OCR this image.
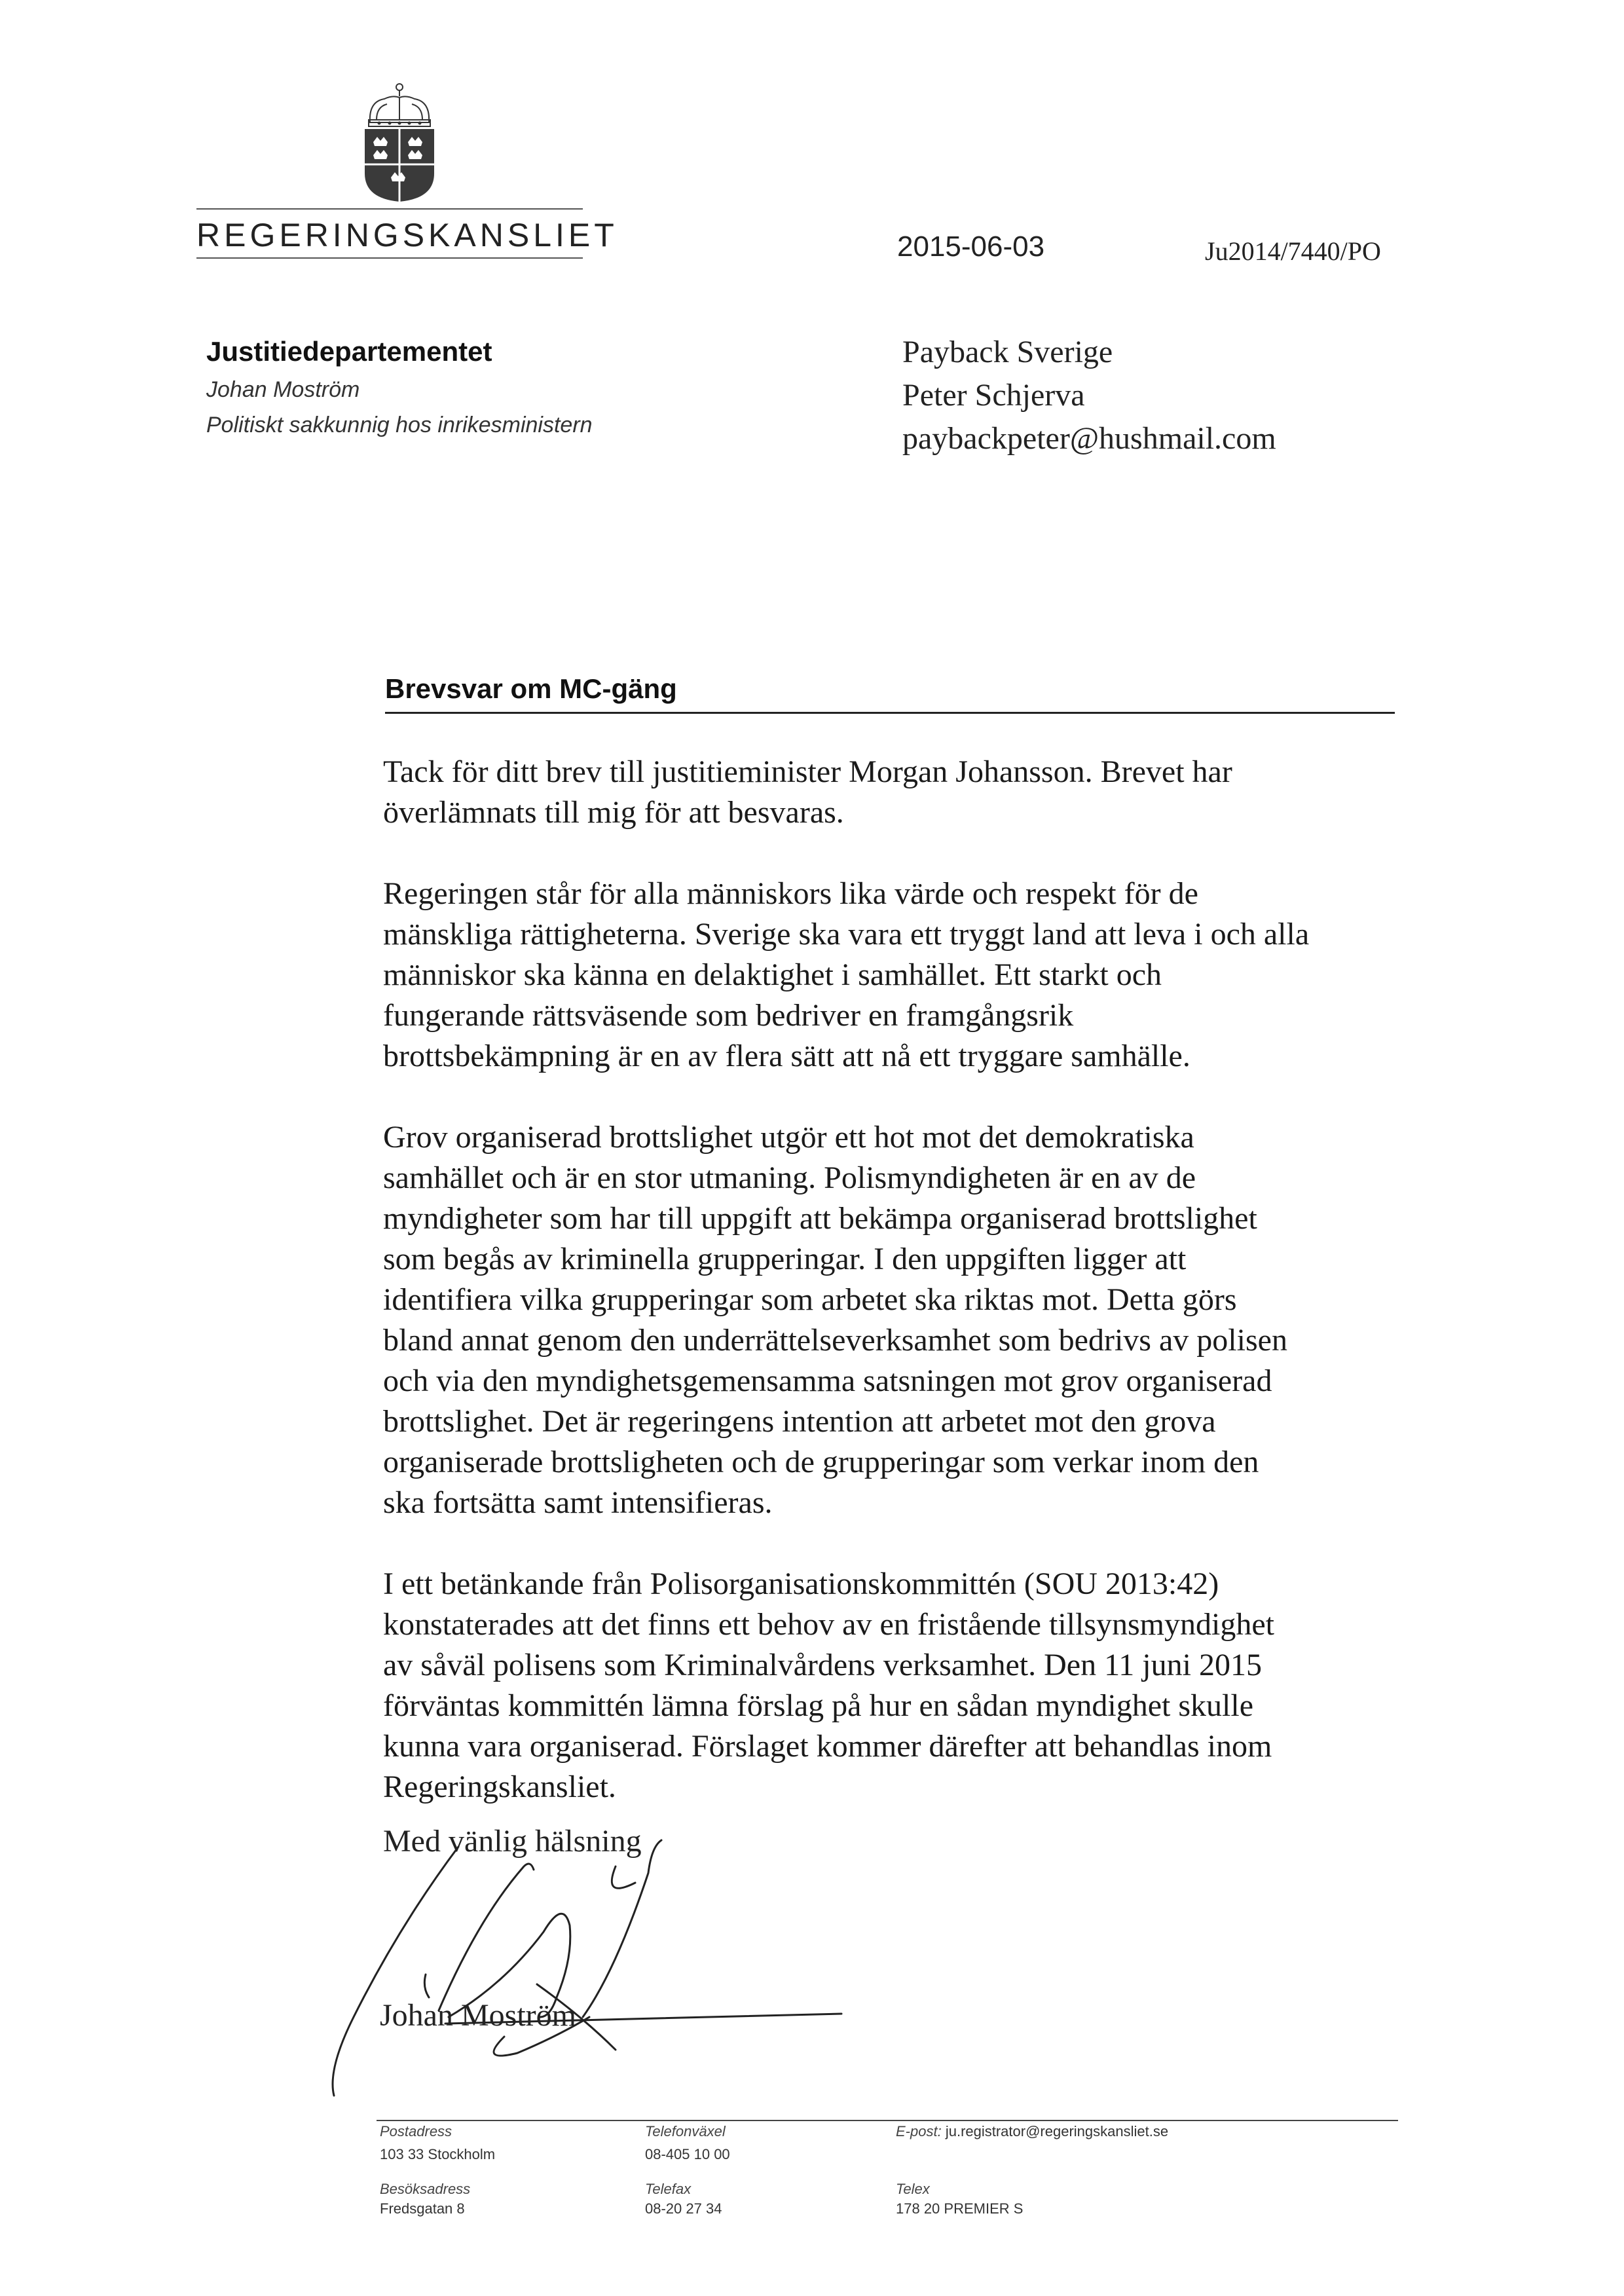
REGERINGSKANSLIET	2015-06-03	Ju2014/7440/PO
Justitiedepartementet
Johan Moström
Politiskt sakkunnig hos inrikesministern
Payback Sverige
Peter Schjerva
paybackpeter@hushmail.com
Brevsvar om MC-gäng

Tack för ditt brev till justitieminister Morgan Johansson. Brevet har
överlämnats till mig för att besvaras.

Regeringen står för alla människors lika värde och respekt för de
mänskliga rättigheterna. Sverige ska vara ett tryggt land att leva i och alla
människor ska känna en delaktighet i samhället. Ett starkt och
fungerande rättsväsende som bedriver en framgångsrik
brottsbekämpning är en av flera sätt att nå ett tryggare samhälle.

Grov organiserad brottslighet utgör ett hot mot det demokratiska
samhället och är en stor utmaning. Polismyndigheten är en av de
myndigheter som har till uppgift att bekämpa organiserad brottslighet
som begås av kriminella grupperingar. I den uppgiften ligger att
identifiera vilka grupperingar som arbetet ska riktas mot. Detta görs
bland annat genom den underrättelseverksamhet som bedrivs av polisen
och via den myndighetsgemensamma satsningen mot grov organiserad
brottslighet. Det är regeringens intention att arbetet mot den grova
organiserade brottsligheten och de grupperingar som verkar inom den
ska fortsätta samt intensifieras.

I ett betänkande från Polisorganisationskommittén (SOU 2013:42)
konstaterades att det finns ett behov av en fristående tillsynsmyndighet
av såväl polisens som Kriminalvårdens verksamhet. Den 11 juni 2015
förväntas kommittén lämna förslag på hur en sådan myndighet skulle
kunna vara organiserad. Förslaget kommer därefter att behandlas inom
Regeringskansliet.

Med vänlig hälsning
Johan Moström
Postadress
103 33 Stockholm
Besöksadress
Fredsgatan 8
Telefonväxel
08-405 10 00
Telefax
08-20 27 34
E-post: ju.registrator@regeringskansliet.se
Telex
178 20 PREMIER S
